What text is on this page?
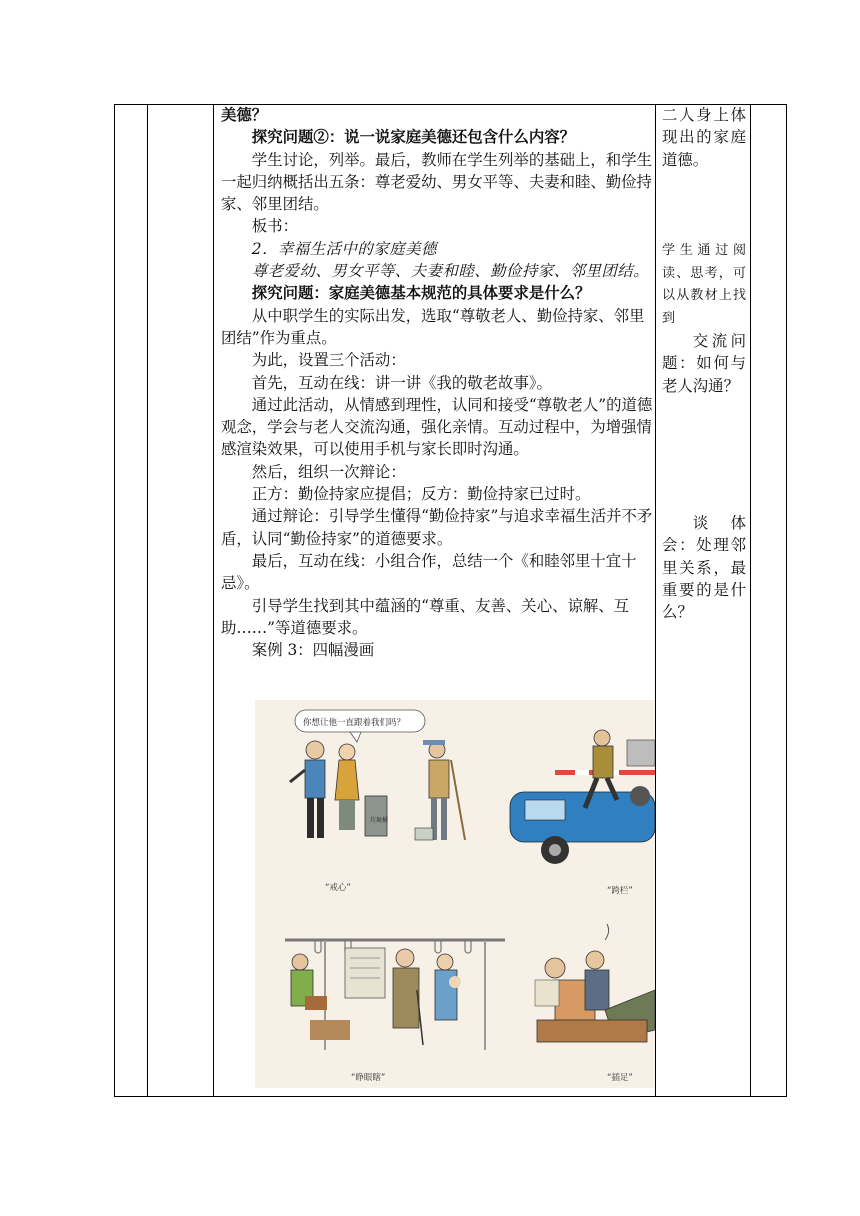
美德？

探究问题②：说一说家庭美德还包含什么内容？

学生讨论，列举。最后，教师在学生列举的基础上，和学生一起归纳概括出五条：尊老爱幼、男女平等、夫妻和睦、勤俭持家、邻里团结。

板书：

2．幸福生活中的家庭美德

尊老爱幼、男女平等、夫妻和睦、勤俭持家、邻里团结。

探究问题：家庭美德基本规范的具体要求是什么？

从中职学生的实际出发，选取“尊敬老人、勤俭持家、邻里团结”作为重点。

为此，设置三个活动：

首先，互动在线：讲一讲《我的敬老故事》。

通过此活动，从情感到理性，认同和接受“尊敬老人”的道德观念，学会与老人交流沟通，强化亲情。互动过程中，为增强情感渲染效果，可以使用手机与家长即时沟通。

然后，组织一次辩论：

正方：勤俭持家应提倡；反方：勤俭持家已过时。

通过辩论：引导学生懂得“勤俭持家”与追求幸福生活并不矛盾，认同“勤俭持家”的道德要求。

最后，互动在线：小组合作，总结一个《和睦邻里十宜十忌》。

引导学生找到其中蕴涵的“尊重、友善、关心、谅解、互助……”等道德要求。

案例 3：四幅漫画

二人身上体现出的家庭道德。

学生通过阅读、思考，可以从教材上找到

交流问题：如何与老人沟通？

谈体会：处理邻里关系，最重要的是什么？

你想让他一直跟着我们吗？
垃圾桶
“戒心”	“跨栏”
“睁眼瞎”	“插足”
